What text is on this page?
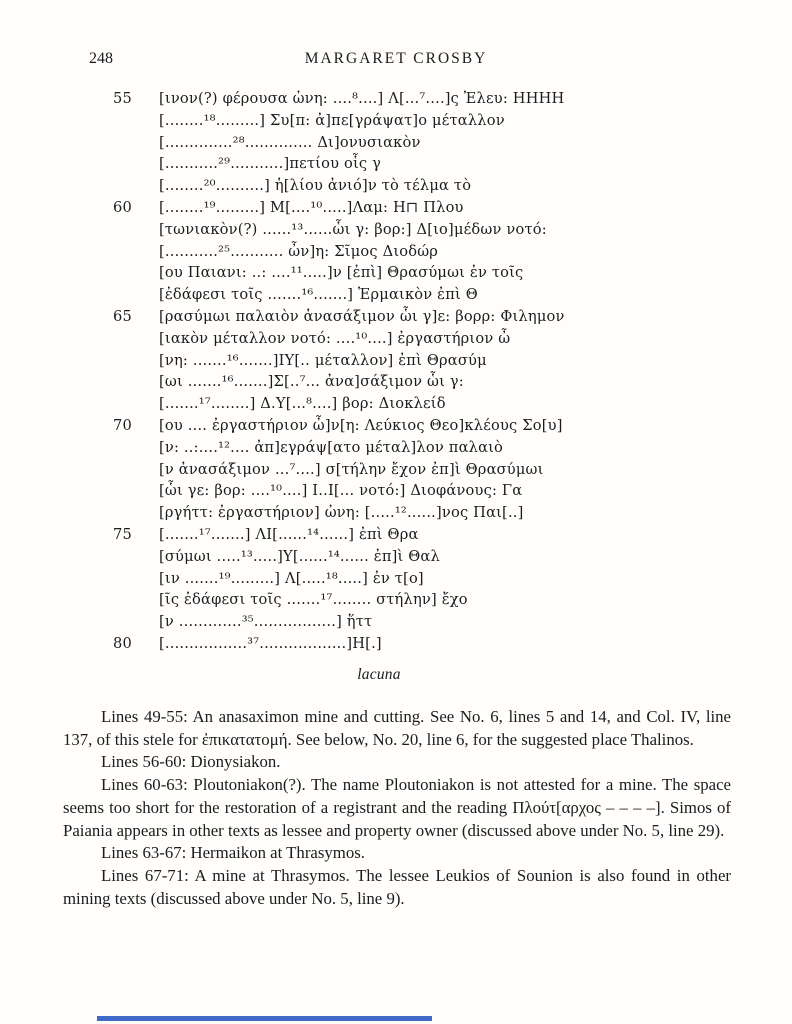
248	MARGARET CROSBY
55	[ινον(?) φέρουσα ὠνη: ....⁸....] Λ[...⁷....]ς Ἐλευ: ΗΗΗΗ
[........¹⁸.........] Συ[π: ἀ]πε[γράψατ]ο μέταλλον
[..............²⁸.............. Δι]ονυσιακὸν
[...........²⁹...........]πετίου οἷς γ
[........²⁰..........] ἡ[λίου ἀνιό]ν τὸ τέλμα τὸ
60	[........¹⁹.........] Μ[....¹⁰.....]Λαμ: Η⊓ Πλου
[τωνιακὸν(?) ......¹³......ὧι γ: βορ:] Δ[ιο]μέδων νοτό:
[...........²⁵........... ὦν]η: Σῖμος Διοδώρ
[ου Παιανι: ..: ....¹¹.....]ν [ἐπὶ] Θρασύμωι ἐν τοῖς
[ἐδάφεσι τοῖς .......¹⁶.......] Ἑρμαικὸν ἐπὶ Θ
65	[ρασύμωι παλαιὸν ἀνασάξιμον ὧι γ]ε: βορρ: Φιλημον
[ιακὸν μέταλλον νοτό: ....¹⁰....] ἐργαστήριον ὦ
[νη: .......¹⁶.......]ΙΥ[.. μέταλλον] ἐπὶ Θρασύμ
[ωι .......¹⁶.......]Σ[..⁷... ἀνα]σάξιμον ὧι γ:
[.......¹⁷........] Δ.Υ[...⁸....] βορ: Διοκλείδ
70	[ου .... ἐργαστήριον ὦ]ν[η: Λεύκιος Θεο]κλέους Σο[υ]
[ν: ..:....¹².... ἀπ]εγράψ[ατο μέταλ]λον παλαιὸ
[ν ἀνασάξιμον ...⁷....] σ[τήλην ἔχον ἐπ]ὶ Θρασύμωι
[ὧι γε: βορ: ....¹⁰....] Ι..Ι[... νοτό:] Διοφάνους: Γα
[ργήττ: ἐργαστήριον] ὠνη: [.....¹²......]νος Παι[..]
75	[.......¹⁷.......] ΛΙ[......¹⁴......] ἐπὶ Θρα
[σύμωι .....¹³.....]Υ[......¹⁴...... ἐπ]ὶ Θαλ
[ιν .......¹⁹.........] Λ[.....¹⁸.....] ἐν τ[ο]
[ῖς ἐδάφεσι τοῖς .......¹⁷........ στήλην] ἔχο
[ν .............³⁵.................] ἥττ
80	[.................³⁷..................]Η[.]
lacuna

Lines 49-55: An anasaximon mine and cutting. See No. 6, lines 5 and 14, and Col. IV, line 137, of this stele for ἐπικατατομή. See below, No. 20, line 6, for the suggested place Thalinos.

Lines 56-60: Dionysiakon.

Lines 60-63: Ploutoniakon(?). The name Ploutoniakon is not attested for a mine. The space seems too short for the restoration of a registrant and the reading Πλούτ[αρχος – – – –]. Simos of Paiania appears in other texts as lessee and property owner (discussed above under No. 5, line 29).

Lines 63-67: Hermaikon at Thrasymos.

Lines 67-71: A mine at Thrasymos. The lessee Leukios of Sounion is also found in other mining texts (discussed above under No. 5, line 9).
